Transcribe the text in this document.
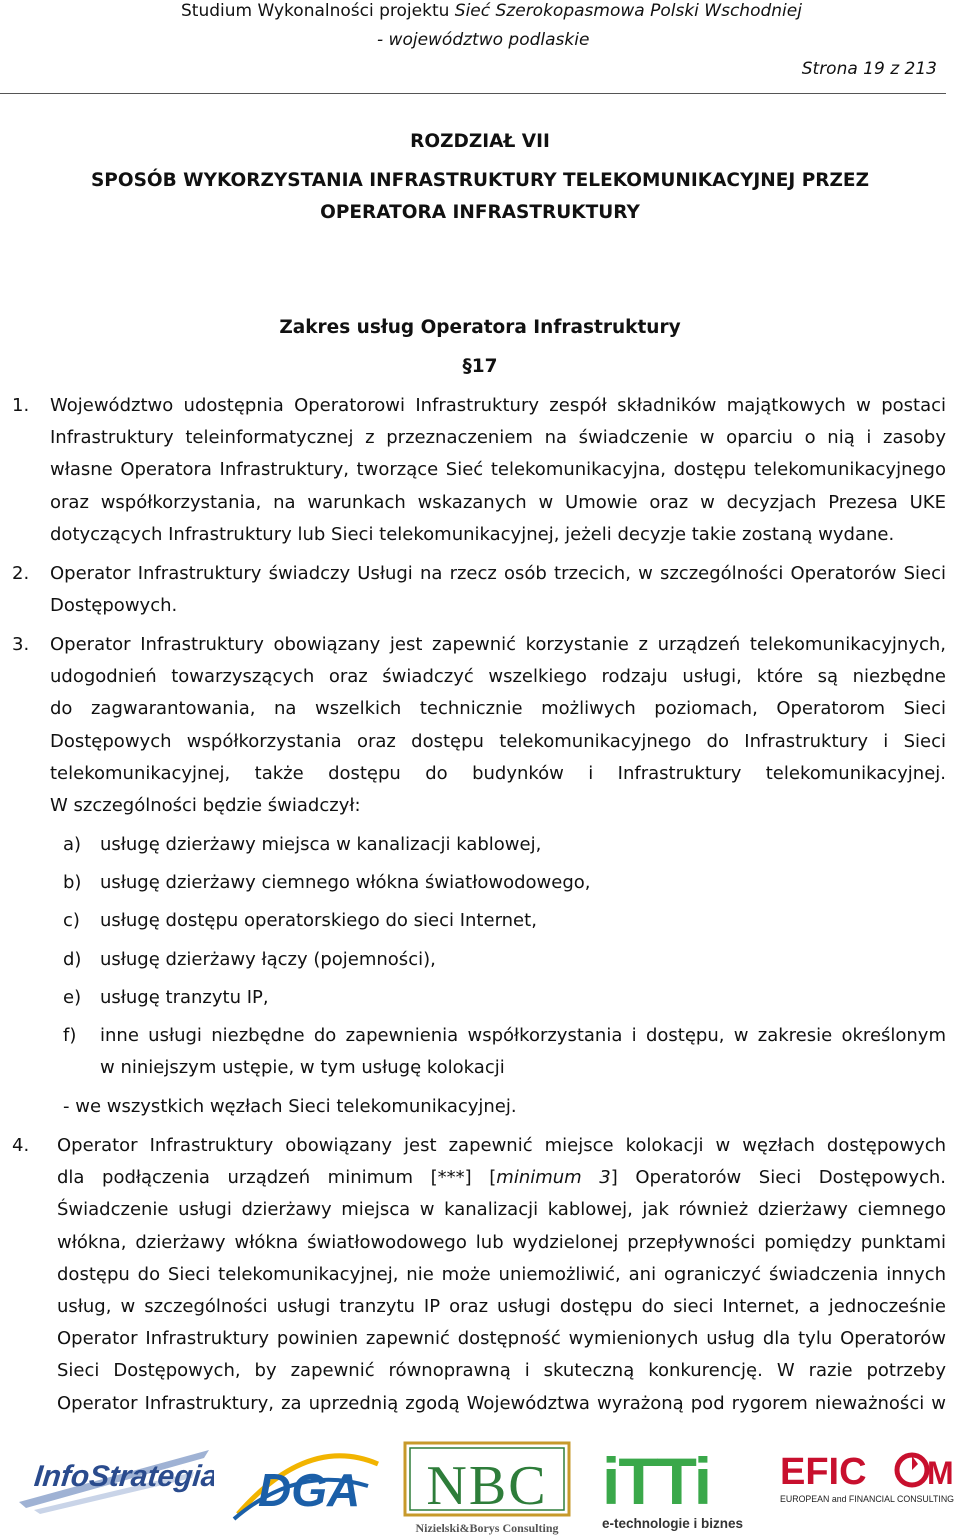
Studium Wykonalności projektu Sieć Szerokopasmowa Polski Wschodniej
- województwo podlaskie
Strona 19 z 213
ROZDZIAŁ VII
SPOSÓB WYKORZYSTANIA INFRASTRUKTURY TELEKOMUNIKACYJNEJ PRZEZ
OPERATORA INFRASTRUKTURY
Zakres usług Operatora Infrastruktury
§17
1. Województwo udostępnia Operatorowi Infrastruktury zespół składników majątkowych w postaci
Infrastruktury teleinformatycznej z przeznaczeniem na świadczenie w oparciu o nią i zasoby
własne Operatora Infrastruktury, tworzące Sieć telekomunikacyjna, dostępu telekomunikacyjnego
oraz współkorzystania, na warunkach wskazanych w Umowie oraz w decyzjach Prezesa UKE
dotyczących Infrastruktury lub Sieci telekomunikacyjnej, jeżeli decyzje takie zostaną wydane.
2. Operator Infrastruktury świadczy Usługi na rzecz osób trzecich, w szczególności Operatorów Sieci
Dostępowych.
3. Operator Infrastruktury obowiązany jest zapewnić korzystanie z urządzeń telekomunikacyjnych,
udogodnień towarzyszących oraz świadczyć wszelkiego rodzaju usługi, które są niezbędne
do zagwarantowania, na wszelkich technicznie możliwych poziomach, Operatorom Sieci
Dostępowych współkorzystania oraz dostępu telekomunikacyjnego do Infrastruktury i Sieci
telekomunikacyjnej, także dostępu do budynków i Infrastruktury telekomunikacyjnej.
W szczególności będzie świadczył:
a) usługę dzierżawy miejsca w kanalizacji kablowej,
b) usługę dzierżawy ciemnego włókna światłowodowego,
c) usługę dostępu operatorskiego do sieci Internet,
d) usługę dzierżawy łączy (pojemności),
e) usługę tranzytu IP,
f) inne usługi niezbędne do zapewnienia współkorzystania i dostępu, w zakresie określonym
w niniejszym ustępie, w tym usługę kolokacji
- we wszystkich węzłach Sieci telekomunikacyjnej.
4. Operator Infrastruktury obowiązany jest zapewnić miejsce kolokacji w węzłach dostępowych
dla podłączenia urządzeń minimum [***] [minimum 3] Operatorów Sieci Dostępowych.
Świadczenie usługi dzierżawy miejsca w kanalizacji kablowej, jak również dzierżawy ciemnego
włókna, dzierżawy włókna światłowodowego lub wydzielonej przepływności pomiędzy punktami
dostępu do Sieci telekomunikacyjnej, nie może uniemożliwić, ani ograniczyć świadczenia innych
usług, w szczególności usługi tranzytu IP oraz usługi dostępu do sieci Internet, a jednocześnie
Operator Infrastruktury powinien zapewnić dostępność wymienionych usług dla tylu Operatorów
Sieci Dostępowych, by zapewnić równoprawną i skuteczną konkurencję. W razie potrzeby
Operator Infrastruktury, za uprzednią zgodą Województwa wyrażoną pod rygorem nieważności w
InfoStrategia DGA NBC
Nizielski&Borys Consulting
iTTi
e-technologie i biznes
EFIC M
EUROPEAN and FINANCIAL CONSULTING
